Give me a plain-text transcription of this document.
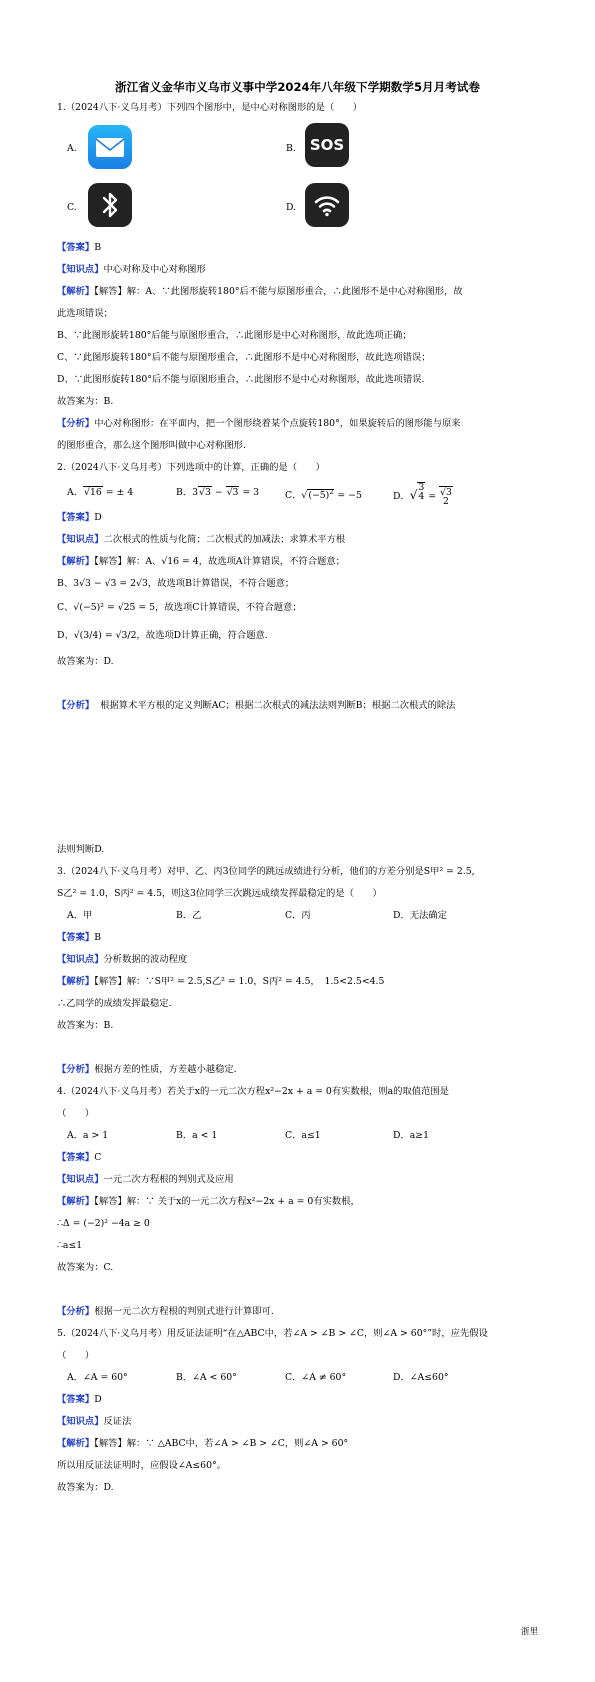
浙江省义金华市义乌市义事中学2024年八年级下学期数学5月月考试卷
1.（2024八下·义乌月考）下列四个图形中，是中心对称图形的是（　　）
A.	B. SOS
C.	D.
【答案】B
【知识点】中心对称及中心对称图形
【解析】【解答】解：A、∵此图形旋转180°后不能与原图形重合，∴此图形不是中心对称图形，故
此选项错误；
B、∵此图形旋转180°后能与原图形重合，∴此图形是中心对称图形，故此选项正确；
C、∵此图形旋转180°后不能与原图形重合，∴此图形不是中心对称图形，故此选项错误；
D、∵此图形旋转180°后不能与原图形重合，∴此图形不是中心对称图形，故此选项错误.
故答案为：B.
【分析】中心对称图形：在平面内，把一个图形绕着某个点旋转180°，如果旋转后的图形能与原来
的图形重合，那么这个图形叫做中心对称图形.
2.（2024八下·义乌月考）下列选项中的计算，正确的是（　　）
A．√16 = ± 4	B．3√3 − √3 = 3	C．$√(-5)^2 = -5$	D．√3
4 = √3
2
【答案】D
【知识点】二次根式的性质与化简；二次根式的加减法；求算术平方根
【解析】【解答】解：A、√16 = 4，故选项A计算错误，不符合题意；
B、3√3 − √3 = 2√3，故选项B计算错误，不符合题意；
C、√(−5)² = √25 = 5，故选项C计算错误，不符合题意；
D、√(3/4) = √3/2，故选项D计算正确，符合题意.
故答案为：D.
【分析】 根据算术平方根的定义判断AC；根据二次根式的减法法则判断B；根据二次根式的除法
法则判断D.
3.（2024八下·义乌月考）对甲、乙、丙3位同学的跳远成绩进行分析，他们的方差分别是S甲² = 2.5,
S乙² = 1.0，S丙² = 4.5，则这3位同学三次跳远成绩发挥最稳定的是（　　）
A．甲	B．乙	C．丙	D．无法确定
【答案】B
【知识点】分析数据的波动程度
【解析】【解答】解：∵S甲² = 2.5,S乙² = 1.0，S丙² = 4.5，　1.5<2.5<4.5
∴乙同学的成绩发挥最稳定.
故答案为：B.
【分析】根据方差的性质，方差越小越稳定.
4.（2024八下·义乌月考）若关于x的一元二次方程x²−2x + a = 0有实数根，则a的取值范围是
（　　）
A．a > 1	B．a < 1	C．a≤1	D．a≥1
【答案】C
【知识点】一元二次方程根的判别式及应用
【解析】【解答】解：∵ 关于x的一元二次方程x²−2x + a = 0有实数根，
∴Δ = (−2)² −4a ≥ 0
∴a≤1
故答案为：C.
【分析】根据一元二次方程根的判别式进行计算即可.
5.（2024八下·义乌月考）用反证法证明“在△ABC中，若∠A > ∠B > ∠C，则∠A > 60°”时，应先假设
（　　）
A．∠A = 60°	B．∠A < 60°	C．∠A ≠ 60°	D．∠A≤60°
【答案】D
【知识点】反证法
【解析】【解答】解：∵ △ABC中，若∠A > ∠B > ∠C，则∠A > 60°
所以用反证法证明时，应假设∠A≤60°。
故答案为：D.
浙里
